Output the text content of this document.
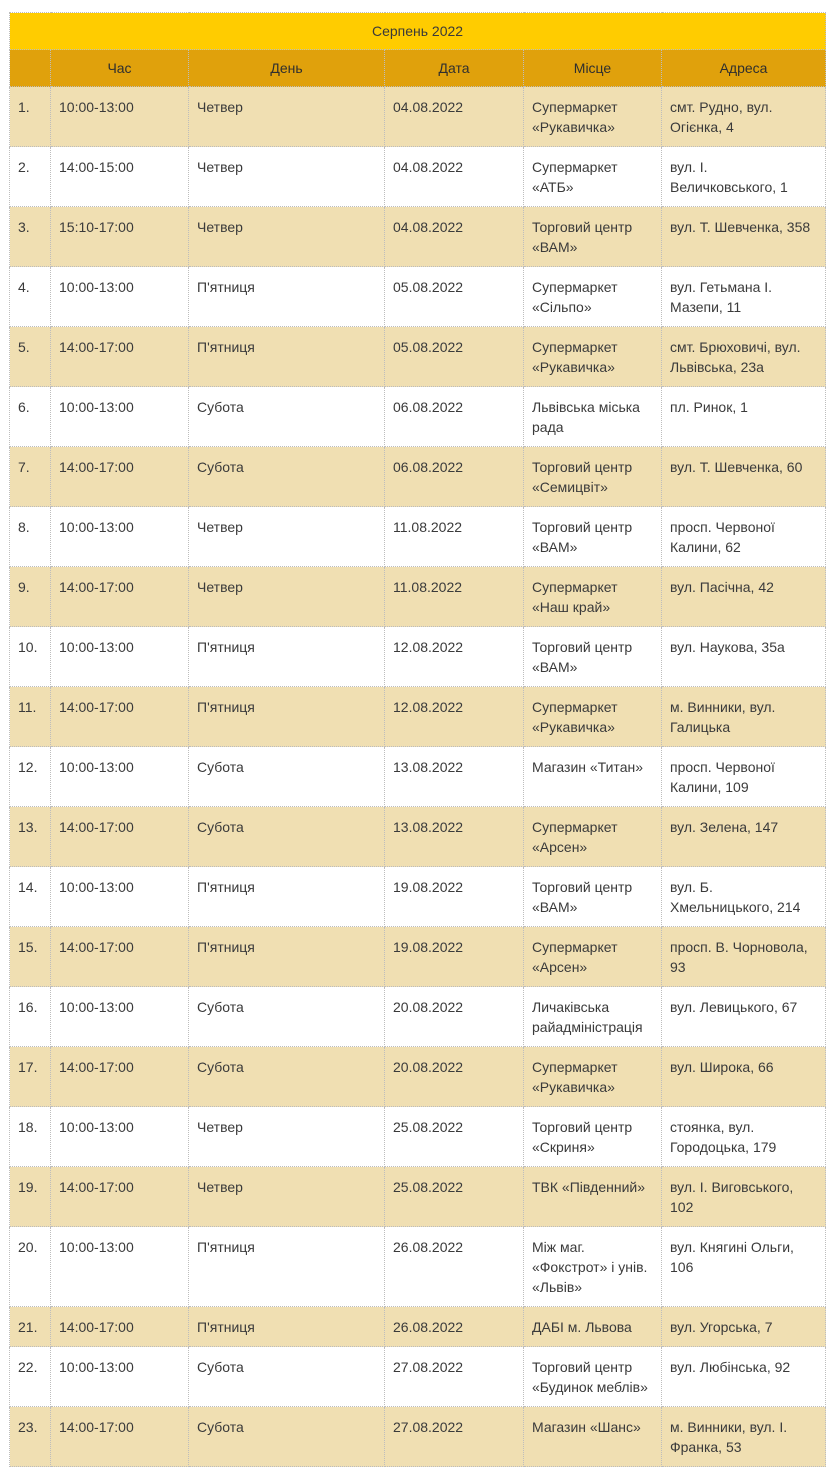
Серпень 2022					
	Час	День	Дата	Місце	Адреса
1.	10:00-13:00	Четвер	04.08.2022	Супермаркет «Рукавичка»	смт. Рудно, вул. Огієнка, 4
2.	14:00-15:00	Четвер	04.08.2022	Супермаркет «АТБ»	вул. І. Величковського, 1
3.	15:10-17:00	Четвер	04.08.2022	Торговий центр «ВАМ»	вул. Т. Шевченка, 358
4.	10:00-13:00	П'ятниця	05.08.2022	Супермаркет «Сільпо»	вул. Гетьмана І. Мазепи, 11
5.	14:00-17:00	П'ятниця	05.08.2022	Супермаркет «Рукавичка»	смт. Брюховичі, вул. Львівська, 23а
6.	10:00-13:00	Субота	06.08.2022	Львівська міська рада	пл. Ринок, 1
7.	14:00-17:00	Субота	06.08.2022	Торговий центр «Семицвіт»	вул. Т. Шевченка, 60
8.	10:00-13:00	Четвер	11.08.2022	Торговий центр «ВАМ»	просп. Червоної Калини, 62
9.	14:00-17:00	Четвер	11.08.2022	Супермаркет «Наш край»	вул. Пасічна, 42
10.	10:00-13:00	П'ятниця	12.08.2022	Торговий центр «ВАМ»	вул. Наукова, 35а
11.	14:00-17:00	П'ятниця	12.08.2022	Супермаркет «Рукавичка»	м. Винники, вул. Галицька
12.	10:00-13:00	Субота	13.08.2022	Магазин «Титан»	просп. Червоної Калини, 109
13.	14:00-17:00	Субота	13.08.2022	Супермаркет «Арсен»	вул. Зелена, 147
14.	10:00-13:00	П'ятниця	19.08.2022	Торговий центр «ВАМ»	вул. Б. Хмельницького, 214
15.	14:00-17:00	П'ятниця	19.08.2022	Супермаркет «Арсен»	просп. В. Чорновола, 93
16.	10:00-13:00	Субота	20.08.2022	Личаківська райадміністрація	вул. Левицького, 67
17.	14:00-17:00	Субота	20.08.2022	Супермаркет «Рукавичка»	вул. Широка, 66
18.	10:00-13:00	Четвер	25.08.2022	Торговий центр «Скриня»	стоянка, вул. Городоцька, 179
19.	14:00-17:00	Четвер	25.08.2022	ТВК «Південний»	вул. І. Виговського, 102
20.	10:00-13:00	П'ятниця	26.08.2022	Між маг. «Фокстрот» і унів. «Львів»	вул. Княгині Ольги, 106
21.	14:00-17:00	П'ятниця	26.08.2022	ДАБІ м. Львова	вул. Угорська, 7
22.	10:00-13:00	Субота	27.08.2022	Торговий центр «Будинок меблів»	вул. Любінська, 92
23.	14:00-17:00	Субота	27.08.2022	Магазин «Шанс»	м. Винники, вул. І. Франка, 53
